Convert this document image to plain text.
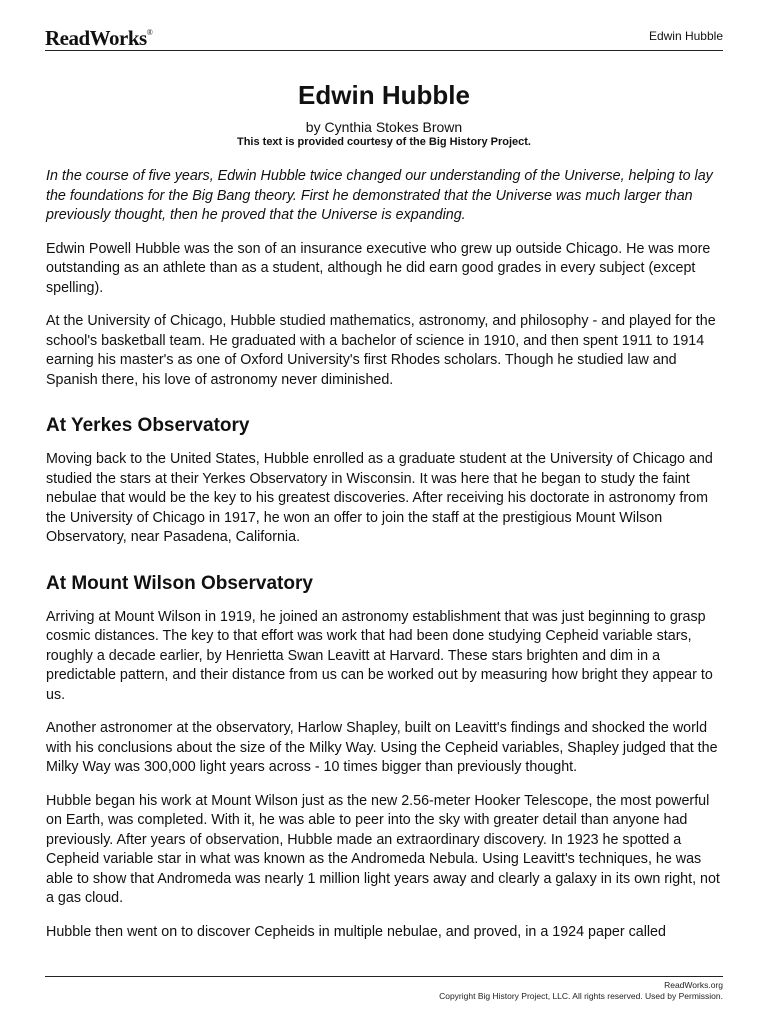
ReadWorks®	Edwin Hubble
Edwin Hubble
by Cynthia Stokes Brown
This text is provided courtesy of the Big History Project.

In the course of five years, Edwin Hubble twice changed our understanding of the Universe, helping to lay the foundations for the Big Bang theory. First he demonstrated that the Universe was much larger than previously thought, then he proved that the Universe is expanding.

Edwin Powell Hubble was the son of an insurance executive who grew up outside Chicago. He was more outstanding as an athlete than as a student, although he did earn good grades in every subject (except spelling).

At the University of Chicago, Hubble studied mathematics, astronomy, and philosophy - and played for the school's basketball team. He graduated with a bachelor of science in 1910, and then spent 1911 to 1914 earning his master's as one of Oxford University's first Rhodes scholars. Though he studied law and Spanish there, his love of astronomy never diminished.

At Yerkes Observatory

Moving back to the United States, Hubble enrolled as a graduate student at the University of Chicago and studied the stars at their Yerkes Observatory in Wisconsin. It was here that he began to study the faint nebulae that would be the key to his greatest discoveries. After receiving his doctorate in astronomy from the University of Chicago in 1917, he won an offer to join the staff at the prestigious Mount Wilson Observatory, near Pasadena, California.

At Mount Wilson Observatory

Arriving at Mount Wilson in 1919, he joined an astronomy establishment that was just beginning to grasp cosmic distances. The key to that effort was work that had been done studying Cepheid variable stars, roughly a decade earlier, by Henrietta Swan Leavitt at Harvard. These stars brighten and dim in a predictable pattern, and their distance from us can be worked out by measuring how bright they appear to us.

Another astronomer at the observatory, Harlow Shapley, built on Leavitt's findings and shocked the world with his conclusions about the size of the Milky Way. Using the Cepheid variables, Shapley judged that the Milky Way was 300,000 light years across - 10 times bigger than previously thought.

Hubble began his work at Mount Wilson just as the new 2.56-meter Hooker Telescope, the most powerful on Earth, was completed. With it, he was able to peer into the sky with greater detail than anyone had previously. After years of observation, Hubble made an extraordinary discovery. In 1923 he spotted a Cepheid variable star in what was known as the Andromeda Nebula. Using Leavitt's techniques, he was able to show that Andromeda was nearly 1 million light years away and clearly a galaxy in its own right, not a gas cloud.

Hubble then went on to discover Cepheids in multiple nebulae, and proved, in a 1924 paper called

ReadWorks.org
Copyright Big History Project, LLC. All rights reserved. Used by Permission.
